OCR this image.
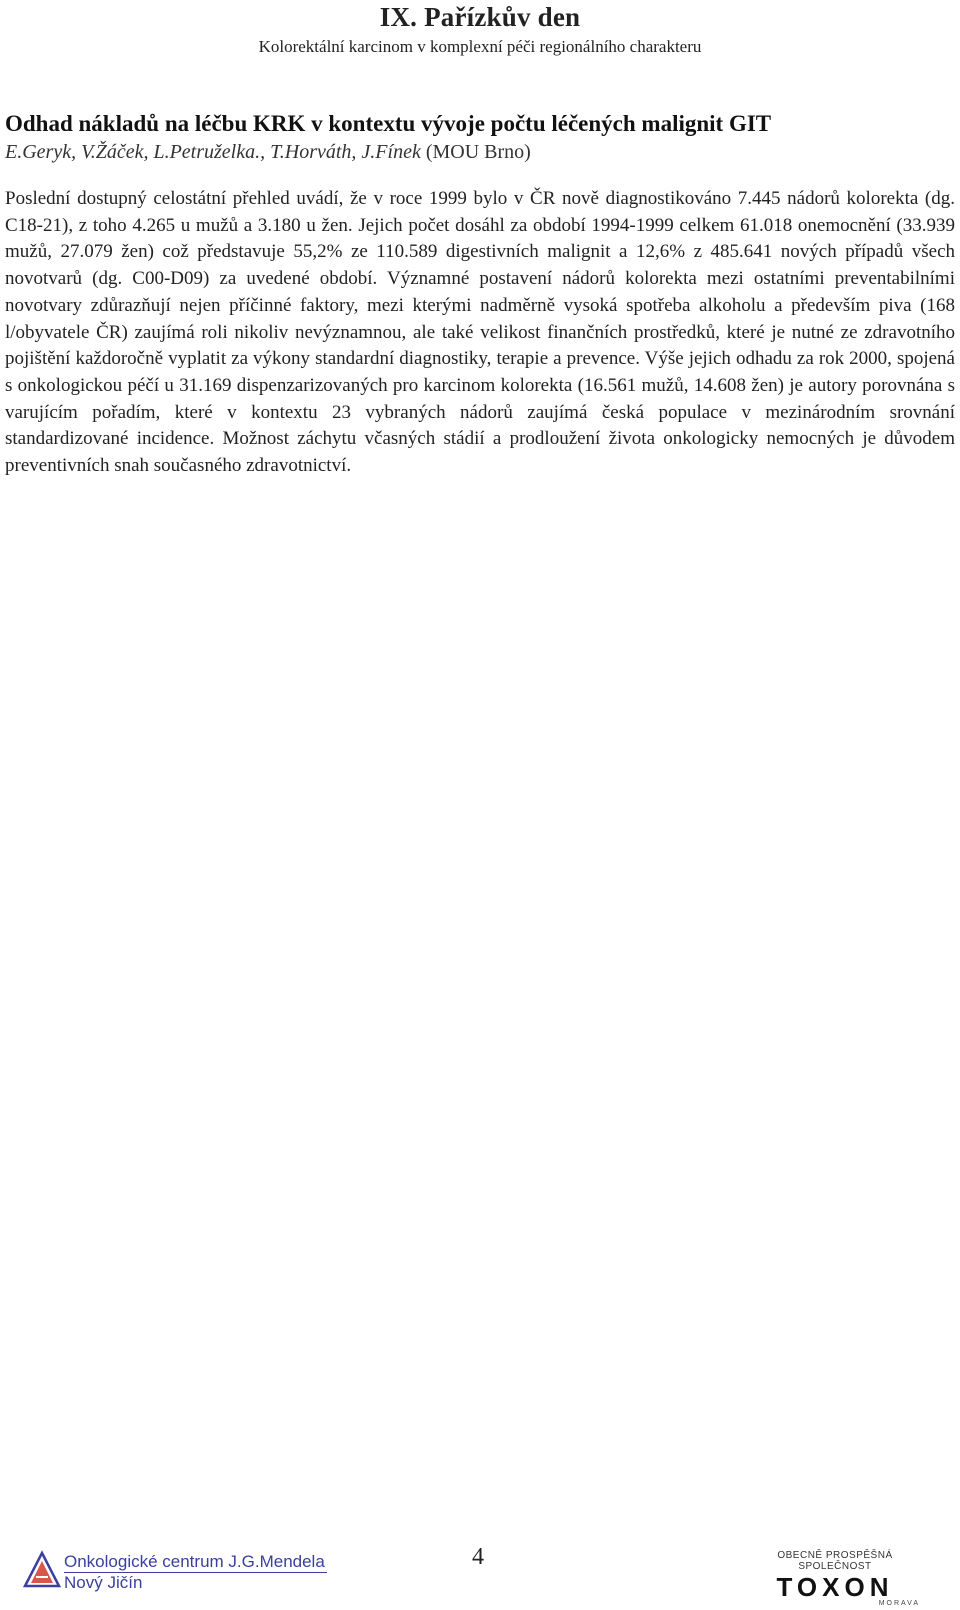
IX. Pařízkův den
Kolorektální karcinom v komplexní péči regionálního charakteru
Odhad nákladů na léčbu KRK v kontextu vývoje počtu léčených malignit GIT
E.Geryk, V.Žáček, L.Petruželka., T.Horváth, J.Fínek (MOU Brno)
Poslední dostupný celostátní přehled uvádí, že v roce 1999 bylo v ČR nově diagnostikováno 7.445 nádorů kolorekta (dg. C18-21), z toho 4.265 u mužů a 3.180 u žen. Jejich počet dosáhl za období 1994-1999 celkem 61.018 onemocnění (33.939 mužů, 27.079 žen) což představuje 55,2% ze 110.589 digestivních malignit a 12,6% z 485.641 nových případů všech novotvarů (dg. C00-D09) za uvedené období. Významné postavení nádorů kolorekta mezi ostatními preventabilními novotvary zdůrazňují nejen příčinné faktory, mezi kterými nadměrně vysoká spotřeba alkoholu a především piva (168 l/obyvatele ČR) zaujímá roli nikoliv nevýznamnou, ale také velikost finančních prostředků, které je nutné ze zdravotního pojištění každoročně vyplatit za výkony standardní diagnostiky, terapie a prevence. Výše jejich odhadu za rok 2000, spojená s onkologickou péčí u 31.169 dispenzarizovaných pro karcinom kolorekta (16.561 mužů, 14.608 žen) je autory porovnána s varujícím pořadím, které v kontextu 23 vybraných nádorů zaujímá česká populace v mezinárodním srovnání standardizované incidence. Možnost záchytu včasných stádií a prodloužení života onkologicky nemocných je důvodem preventivních snah současného zdravotnictví.
Onkologické centrum J.G.Mendela
Nový Jičín
4	OBECNĚ PROSPĚŠNÁ SPOLEČNOST
TOXON
MORAVA
